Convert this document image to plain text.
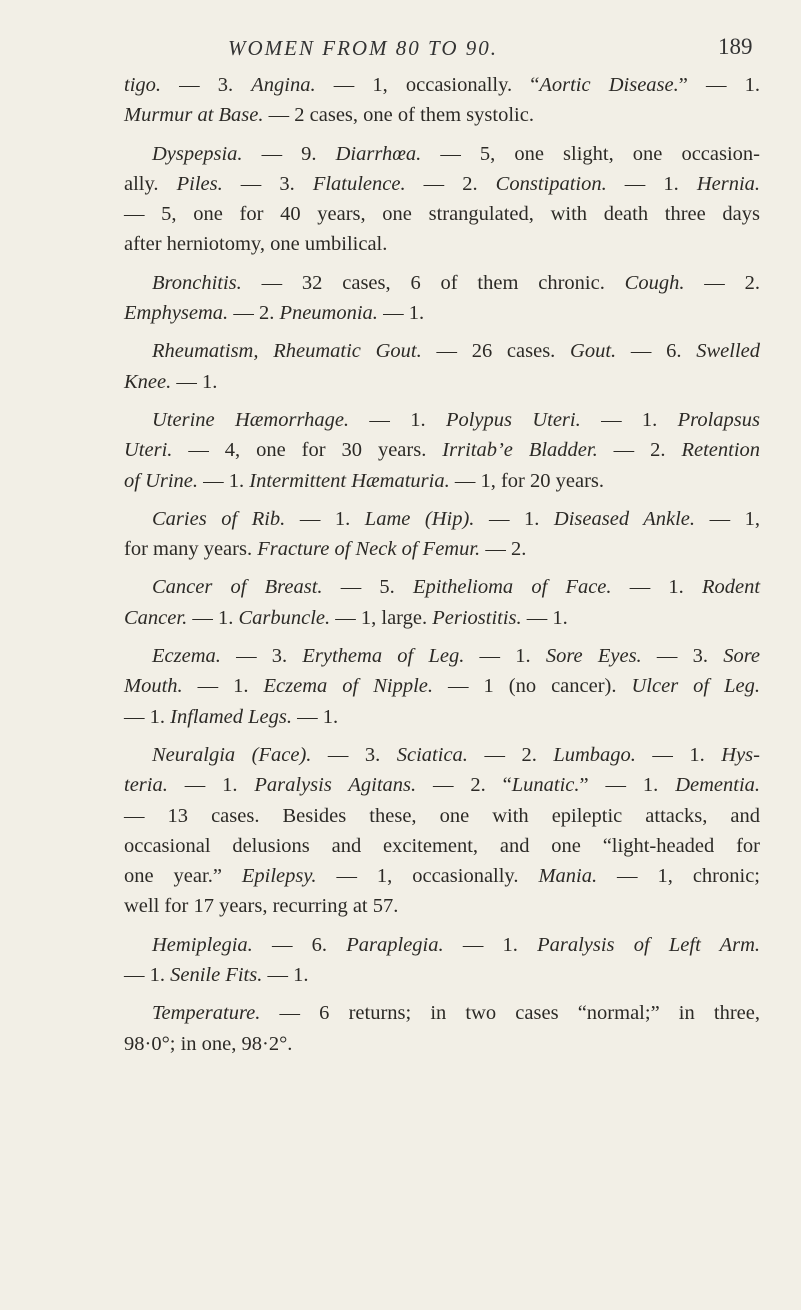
WOMEN FROM 80 TO 90.	189
tigo. — 3. Angina. — 1, occasionally. “Aortic Disease.” — 1.
Murmur at Base. — 2 cases, one of them systolic.
Dyspepsia. — 9. Diarrhœa. — 5, one slight, one occasion-
ally. Piles. — 3. Flatulence. — 2. Constipation. — 1. Hernia.
— 5, one for 40 years, one strangulated, with death three days
after herniotomy, one umbilical.
Bronchitis. — 32 cases, 6 of them chronic. Cough. — 2.
Emphysema. — 2. Pneumonia. — 1.
Rheumatism, Rheumatic Gout. — 26 cases. Gout. — 6. Swelled
Knee. — 1.
Uterine Hæmorrhage. — 1. Polypus Uteri. — 1. Prolapsus
Uteri. — 4, one for 30 years. Irritab’e Bladder. — 2. Retention
of Urine. — 1. Intermittent Hæmaturia. — 1, for 20 years.
Caries of Rib. — 1. Lame (Hip). — 1. Diseased Ankle. — 1,
for many years. Fracture of Neck of Femur. — 2.
Cancer of Breast. — 5. Epithelioma of Face. — 1. Rodent
Cancer. — 1. Carbuncle. — 1, large. Periostitis. — 1.
Eczema. — 3. Erythema of Leg. — 1. Sore Eyes. — 3. Sore
Mouth. — 1. Eczema of Nipple. — 1 (no cancer). Ulcer of Leg.
— 1. Inflamed Legs. — 1.
Neuralgia (Face). — 3. Sciatica. — 2. Lumbago. — 1. Hys-
teria. — 1. Paralysis Agitans. — 2. “Lunatic.” — 1. Dementia.
— 13 cases. Besides these, one with epileptic attacks, and
occasional delusions and excitement, and one “light-headed for
one year.” Epilepsy. — 1, occasionally. Mania. — 1, chronic;
well for 17 years, recurring at 57.
Hemiplegia. — 6. Paraplegia. — 1. Paralysis of Left Arm.
— 1. Senile Fits. — 1.
Temperature. — 6 returns; in two cases “normal;” in three,
98·0°; in one, 98·2°.
